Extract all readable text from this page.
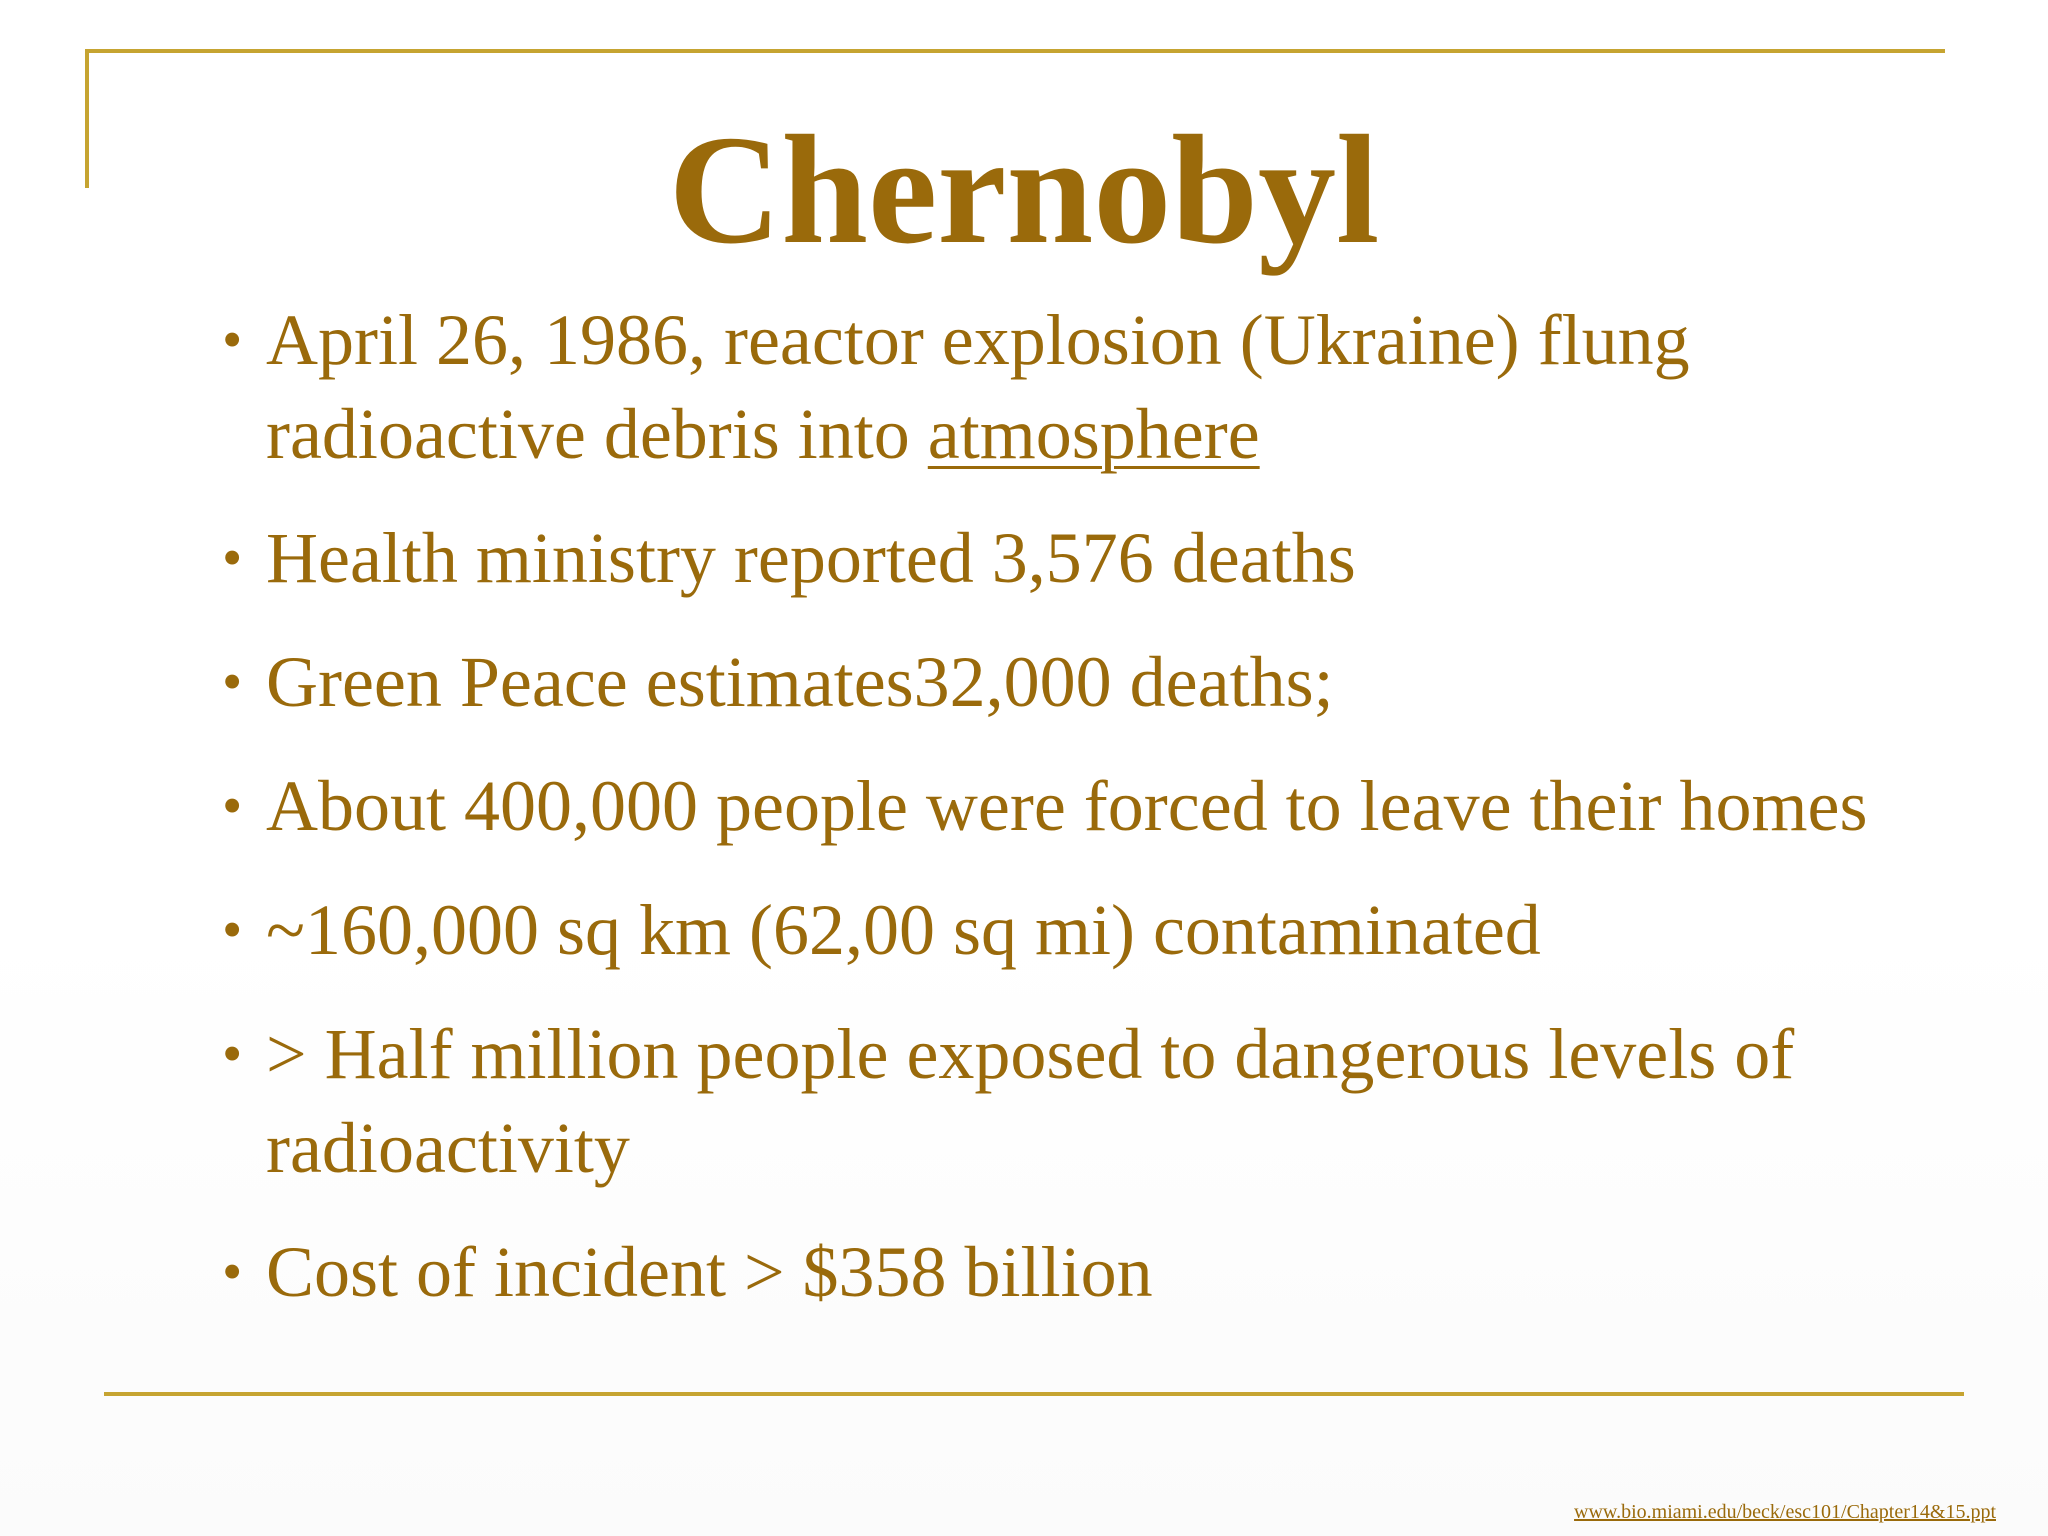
Chernobyl
• April 26, 1986, reactor explosion (Ukraine) flung radioactive debris into atmosphere
• Health ministry reported 3,576 deaths
• Green Peace estimates32,000 deaths;
• About 400,000 people were forced to leave their homes
• ~160,000 sq km (62,00 sq mi) contaminated
• > Half million people exposed to dangerous levels of radioactivity
• Cost of incident > $358 billion
www.bio.miami.edu/beck/esc101/Chapter14&15.ppt
